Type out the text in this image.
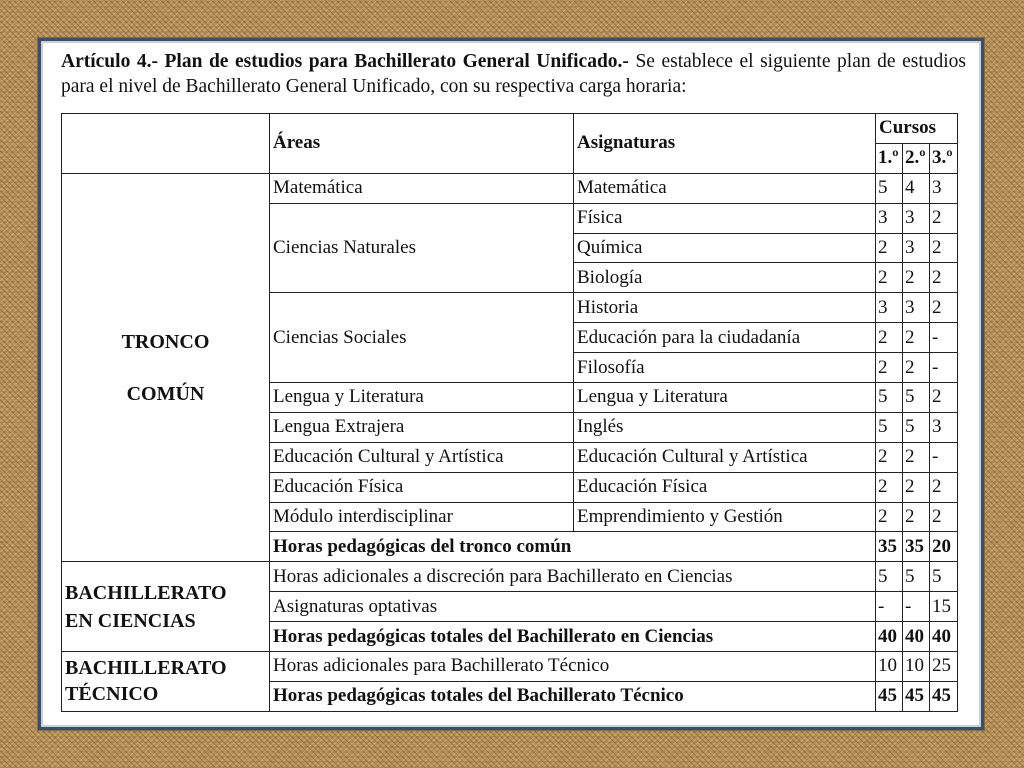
Artículo 4.- Plan de estudios para Bachillerato General Unificado.- Se establece el siguiente plan de estudios para el nivel de Bachillerato General Unificado, con su respectiva carga horaria:

	Áreas	Asignaturas	Cursos		
			1.º	2.º	3.º

TRONCO
COMÚN	Matemática	Matemática	5	4	3
	Ciencias Naturales	Física	3	3	2
		Química	2	3	2
		Biología	2	2	2
	Ciencias Sociales	Historia	3	3	2
		Educación para la ciudadanía	2	2	-
		Filosofía	2	2	-
	Lengua y Literatura	Lengua y Literatura	5	5	2
	Lengua Extrajera	Inglés	5	5	3
	Educación Cultural y Artística	Educación Cultural y Artística	2	2	-
	Educación Física	Educación Física	2	2	2
	Módulo interdisciplinar	Emprendimiento y Gestión	2	2	2
	Horas pedagógicas del tronco común		35	35	20

BACHILLERATO
EN CIENCIAS	Horas adicionales a discreción para Bachillerato en Ciencias		5	5	5
	Asignaturas optativas		-	-	15
	Horas pedagógicas totales del Bachillerato en Ciencias		40	40	40

BACHILLERATO
TÉCNICO	Horas adicionales para Bachillerato Técnico		10	10	25
	Horas pedagógicas totales del Bachillerato Técnico		45	45	45
